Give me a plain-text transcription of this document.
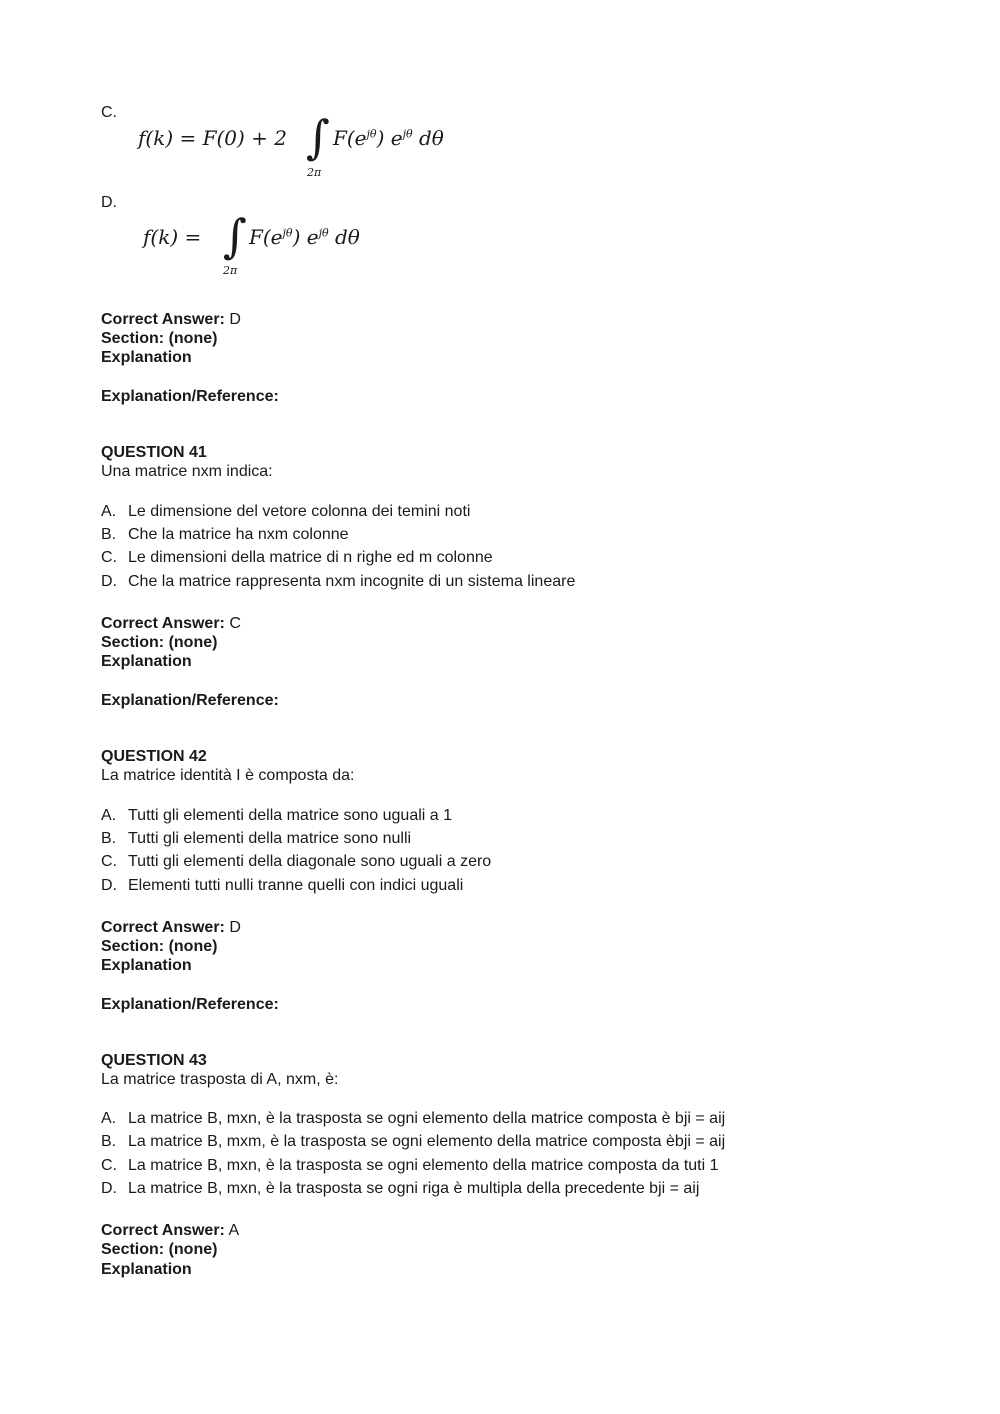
C.
f(k) = F(0) + 2 ∫
2π
$F(e^{j\theta})$ $e^{j\theta}$ dθ
D.
f(k) = ∫
2π
$F(e^{j\theta})$ $e^{j\theta}$ dθ
Correct Answer: D
Section: (none)
Explanation
Explanation/Reference:
QUESTION 41
Una matrice nxm indica:
A. Le dimensione del vetore colonna dei temini noti
B. Che la matrice ha nxm colonne
C. Le dimensioni della matrice di n righe ed m colonne
D. Che la matrice rappresenta nxm incognite di un sistema lineare
Correct Answer: C
Section: (none)
Explanation
Explanation/Reference:
QUESTION 42
La matrice identità I è composta da:
A. Tutti gli elementi della matrice sono uguali a 1
B. Tutti gli elementi della matrice sono nulli
C. Tutti gli elementi della diagonale sono uguali a zero
D. Elementi tutti nulli tranne quelli con indici uguali
Correct Answer: D
Section: (none)
Explanation
Explanation/Reference:
QUESTION 43
La matrice trasposta di A, nxm, è:
A. La matrice B, mxn, è la trasposta se ogni elemento della matrice composta è bji = aij
B. La matrice B, mxm, è la trasposta se ogni elemento della matrice composta èbji = aij
C. La matrice B, mxn, è la trasposta se ogni elemento della matrice composta da tuti 1
D. La matrice B, mxn, è la trasposta se ogni riga è multipla della precedente bji = aij
Correct Answer: A
Section: (none)
Explanation
